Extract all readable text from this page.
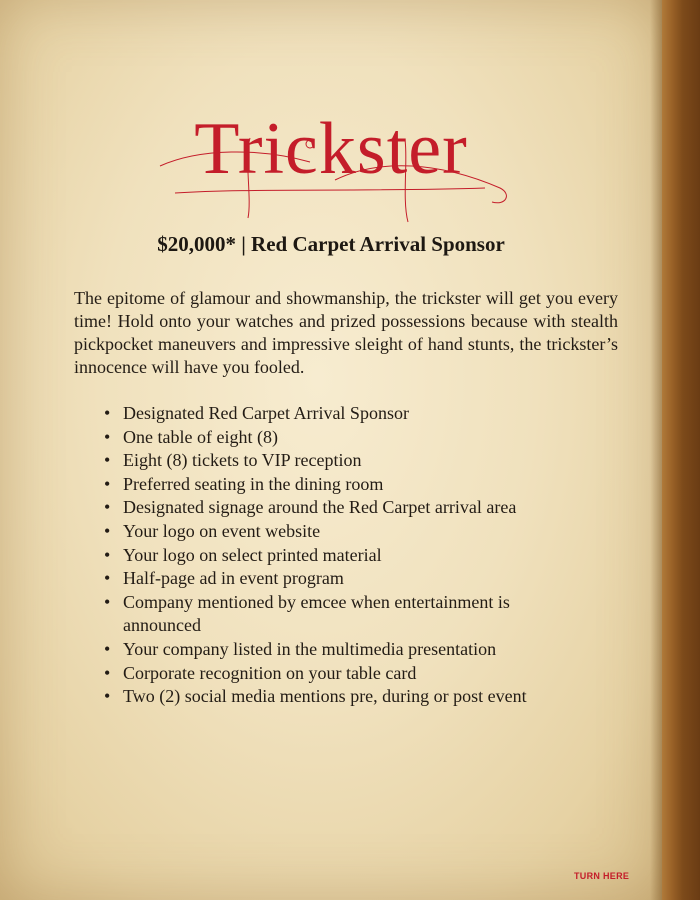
Trickster
$20,000* | Red Carpet Arrival Sponsor
The epitome of glamour and showmanship, the trickster will get you every time! Hold onto your watches and prized possessions because with stealth pickpocket maneuvers and impressive sleight of hand stunts, the trickster’s innocence will have you fooled.
• Designated Red Carpet Arrival Sponsor
• One table of eight (8)
• Eight (8) tickets to VIP reception
• Preferred seating in the dining room
• Designated signage around the Red Carpet arrival area
• Your logo on event website
• Your logo on select printed material
• Half-page ad in event program
• Company mentioned by emcee when entertainment is announced
• Your company listed in the multimedia presentation
• Corporate recognition on your table card
• Two (2) social media mentions pre, during or post event
TURN HERE
